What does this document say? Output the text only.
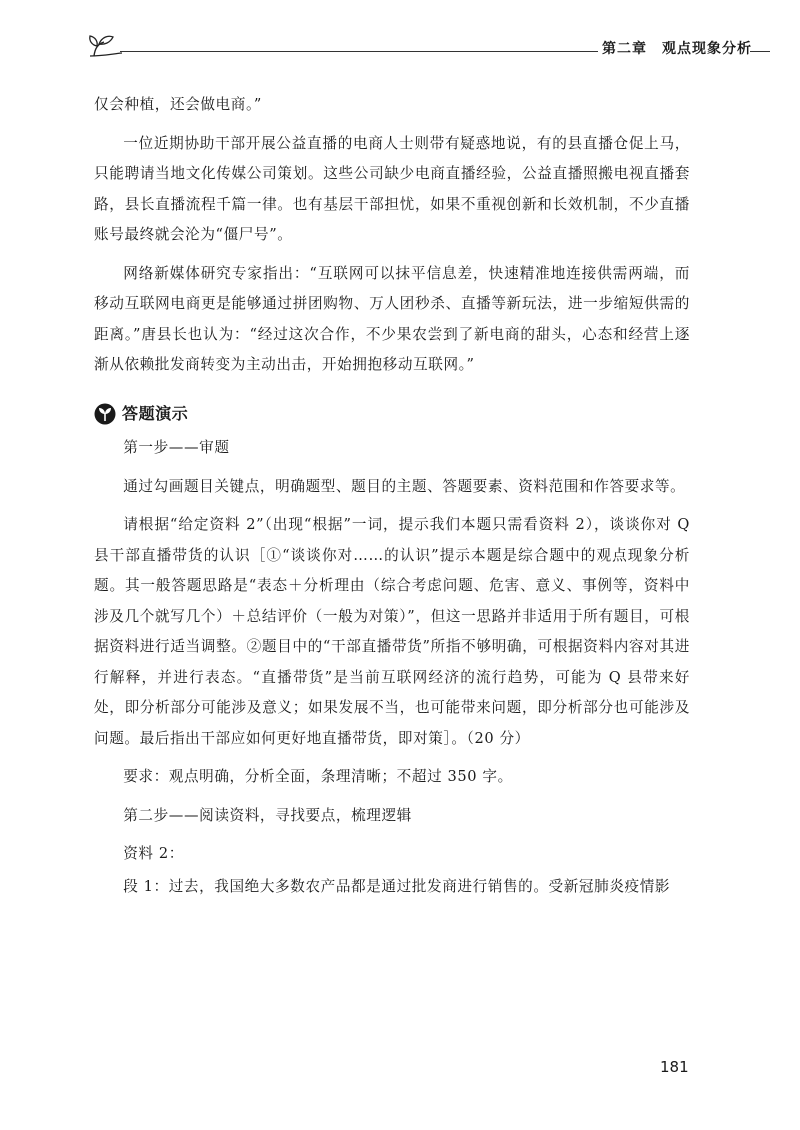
第二章　观点现象分析

仅会种植，还会做电商。”

一位近期协助干部开展公益直播的电商人士则带有疑惑地说，有的县直播仓促上马，只能聘请当地文化传媒公司策划。这些公司缺少电商直播经验，公益直播照搬电视直播套路，县长直播流程千篇一律。也有基层干部担忧，如果不重视创新和长效机制，不少直播账号最终就会沦为“僵尸号”。

网络新媒体研究专家指出：“互联网可以抹平信息差，快速精准地连接供需两端，而移动互联网电商更是能够通过拼团购物、万人团秒杀、直播等新玩法，进一步缩短供需的距离。”唐县长也认为：“经过这次合作，不少果农尝到了新电商的甜头，心态和经营上逐渐从依赖批发商转变为主动出击，开始拥抱移动互联网。”

答题演示

第一步——审题

通过勾画题目关键点，明确题型、题目的主题、答题要素、资料范围和作答要求等。

请根据“给定资料 2”（出现“根据”一词，提示我们本题只需看资料 2），谈谈你对 Q 县干部直播带货的认识［①“谈谈你对……的认识”提示本题是综合题中的观点现象分析题。其一般答题思路是“表态＋分析理由（综合考虑问题、危害、意义、事例等，资料中涉及几个就写几个）＋总结评价（一般为对策）”，但这一思路并非适用于所有题目，可根据资料进行适当调整。②题目中的“干部直播带货”所指不够明确，可根据资料内容对其进行解释，并进行表态。“直播带货”是当前互联网经济的流行趋势，可能为 Q 县带来好处，即分析部分可能涉及意义；如果发展不当，也可能带来问题，即分析部分也可能涉及问题。最后指出干部应如何更好地直播带货，即对策］。（20 分）

要求：观点明确，分析全面，条理清晰；不超过 350 字。

第二步——阅读资料，寻找要点，梳理逻辑

资料 2：

段 1：过去，我国绝大多数农产品都是通过批发商进行销售的。受新冠肺炎疫情影

181
